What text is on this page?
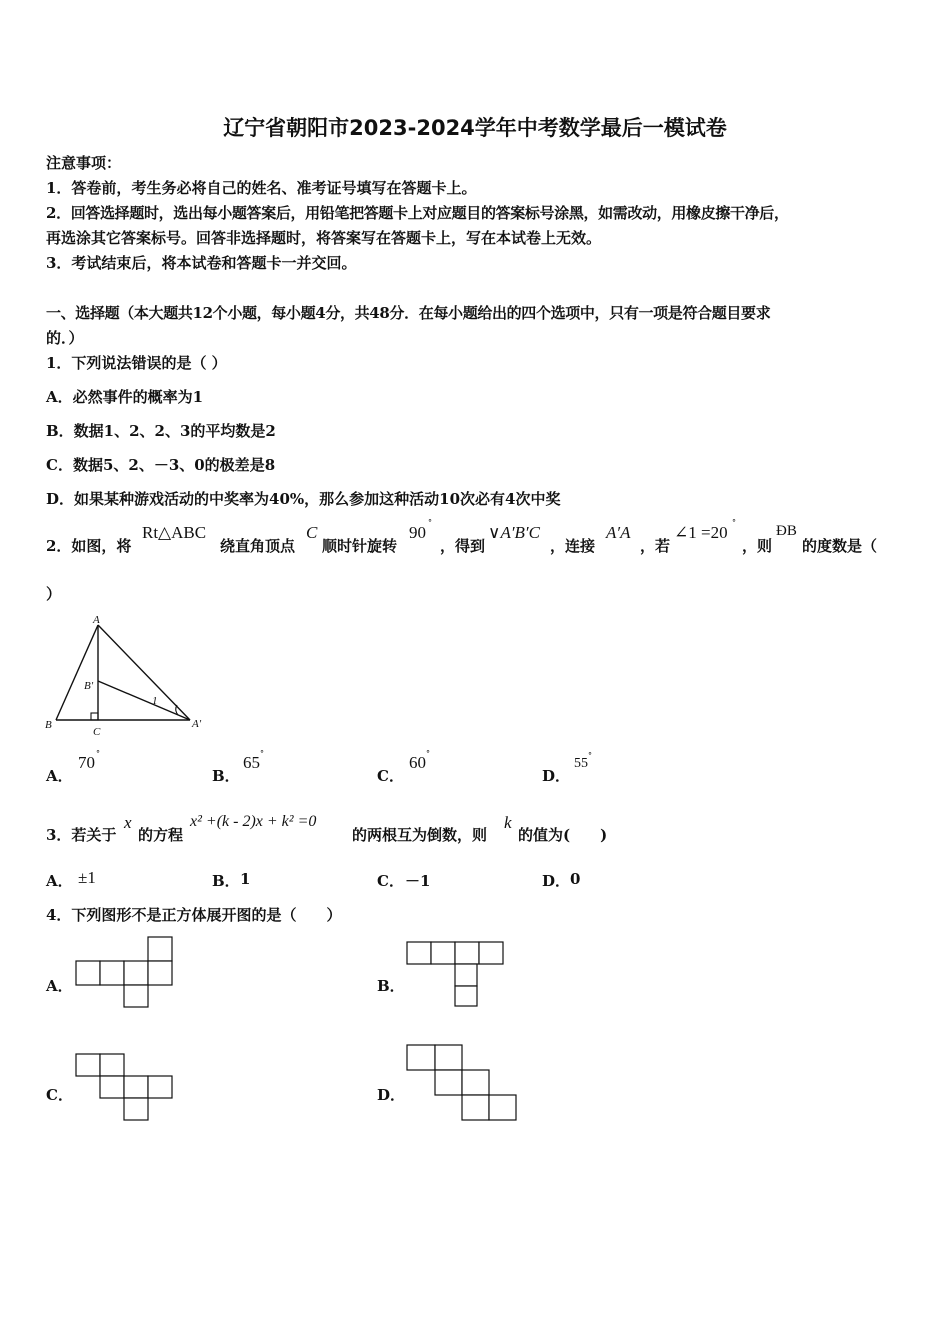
辽宁省朝阳市2023-2024学年中考数学最后一模试卷
注意事项：
1．答卷前，考生务必将自己的姓名、准考证号填写在答题卡上。
2．回答选择题时，选出每小题答案后，用铅笔把答题卡上对应题目的答案标号涂黑，如需改动，用橡皮擦干净后，
再选涂其它答案标号。回答非选择题时，将答案写在答题卡上，写在本试卷上无效。
3．考试结束后，将本试卷和答题卡一并交回。
一、选择题（本大题共12个小题，每小题4分，共48分．在每小题给出的四个选项中，只有一项是符合题目要求
的．）
1．下列说法错误的是（ ）
A．必然事件的概率为1
B．数据1、2、2、3的平均数是2
C．数据5、2、－3、0的极差是8
D．如果某种游戏活动的中奖率为40%，那么参加这种活动10次必有4次中奖
2．如图，将
Rt△ABC
绕直角顶点
C
顺时针旋转
90
°
，得到
∨A′B′C
，连接
A′A
，若
∠1 =20
°
，则
ÐB
的度数是（
）
A
B
C
B′
A′
1
A．
70 °
B．
65 °
C．
60 °
D．
55
°
3．若关于
x
的方程
x² +(k - 2)x + k² =0
的两根互为倒数，则
k
的值为(　　)
A． ±1	B． 1	C． －1	D． 0
4．下列图形不是正方体展开图的是（　　）
A．	B．
C．	D．
